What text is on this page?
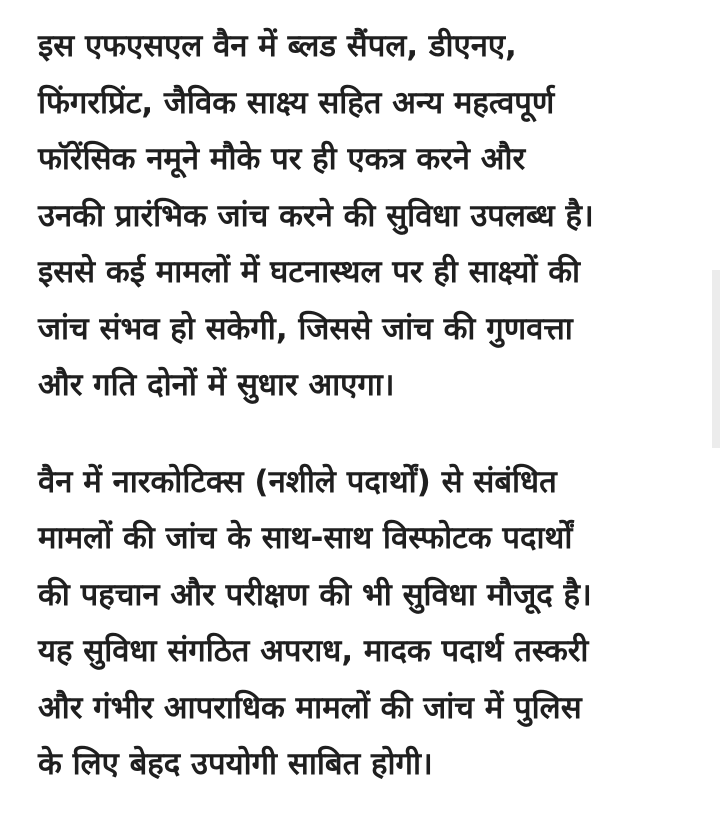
इस एफएसएल वैन में ब्लड सैंपल, डीएनए,
फिंगरप्रिंट, जैविक साक्ष्य सहित अन्य महत्वपूर्ण
फॉरेंसिक नमूने मौके पर ही एकत्र करने और
उनकी प्रारंभिक जांच करने की सुविधा उपलब्ध है।
इससे कई मामलों में घटनास्थल पर ही साक्ष्यों की
जांच संभव हो सकेगी, जिससे जांच की गुणवत्ता
और गति दोनों में सुधार आएगा।
वैन में नारकोटिक्स (नशीले पदार्थों) से संबंधित
मामलों की जांच के साथ-साथ विस्फोटक पदार्थों
की पहचान और परीक्षण की भी सुविधा मौजूद है।
यह सुविधा संगठित अपराध, मादक पदार्थ तस्करी
और गंभीर आपराधिक मामलों की जांच में पुलिस
के लिए बेहद उपयोगी साबित होगी।
